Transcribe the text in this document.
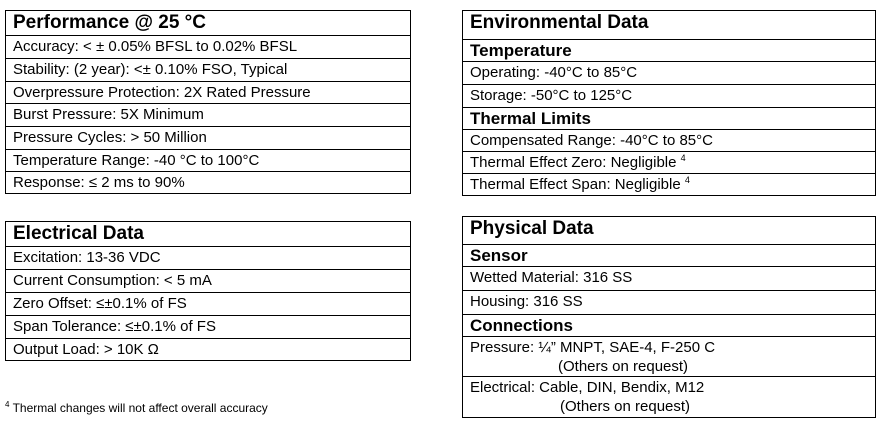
Performance @ 25 °C
Accuracy: < ± 0.05% BFSL to 0.02% BFSL
Stability: (2 year): <± 0.10% FSO, Typical
Overpressure Protection: 2X Rated Pressure
Burst Pressure: 5X Minimum
Pressure Cycles: > 50 Million
Temperature Range: -40 °C to 100°C
Response: ≤ 2 ms to 90%
Electrical Data
Excitation: 13-36 VDC
Current Consumption: < 5 mA
Zero Offset: ≤±0.1% of FS
Span Tolerance: ≤±0.1% of FS
Output Load: > 10K Ω
Environmental Data
Temperature
Operating: -40°C to 85°C
Storage: -50°C to 125°C
Thermal Limits
Compensated Range: -40°C to 85°C
Thermal Effect Zero: Negligible $^4$
Thermal Effect Span: Negligible $^4$
Physical Data
Sensor
Wetted Material: 316 SS
Housing: 316 SS
Connections
Pressure: ¼” MNPT, SAE-4, F-250 C
(Others on request)
Electrical: Cable, DIN, Bendix, M12
(Others on request)
$^4$ Thermal changes will not affect overall accuracy
